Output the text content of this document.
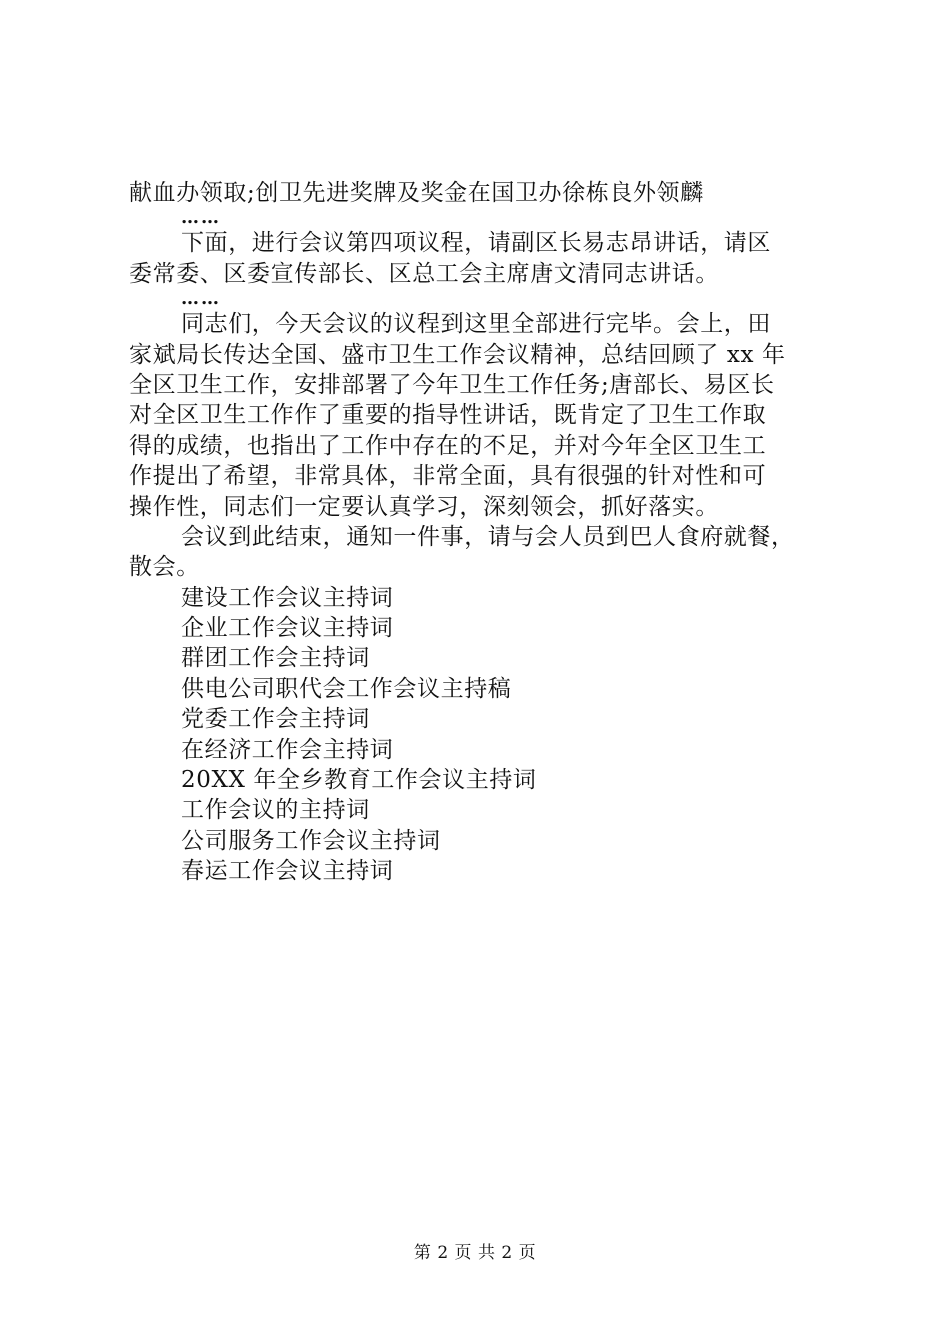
献血办领取;创卫先进奖牌及奖金在国卫办徐栋良外领麟
……
下面，进行会议第四项议程，请副区长易志昂讲话，请区
委常委、区委宣传部长、区总工会主席唐文清同志讲话。
……
同志们，今天会议的议程到这里全部进行完毕。会上，田
家斌局长传达全国、盛市卫生工作会议精神，总结回顾了 xx 年
全区卫生工作，安排部署了今年卫生工作任务;唐部长、易区长
对全区卫生工作作了重要的指导性讲话，既肯定了卫生工作取
得的成绩，也指出了工作中存在的不足，并对今年全区卫生工
作提出了希望，非常具体，非常全面，具有很强的针对性和可
操作性，同志们一定要认真学习，深刻领会，抓好落实。
会议到此结束，通知一件事，请与会人员到巴人食府就餐，
散会。
建设工作会议主持词
企业工作会议主持词
群团工作会主持词
供电公司职代会工作会议主持稿
党委工作会主持词
在经济工作会主持词
20XX 年全乡教育工作会议主持词
工作会议的主持词
公司服务工作会议主持词
春运工作会议主持词
第 2 页 共 2 页
